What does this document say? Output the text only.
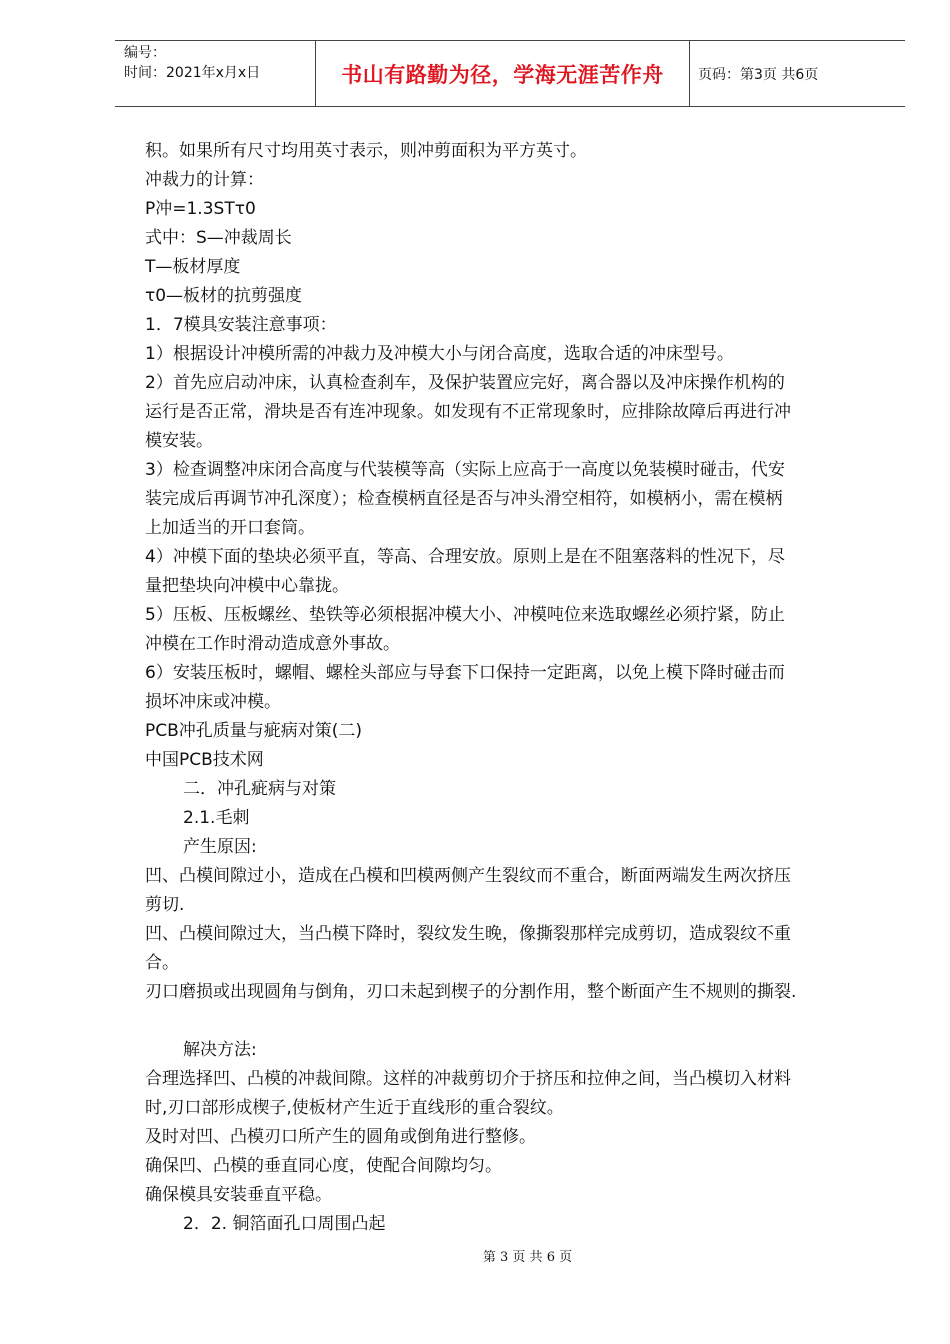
编号：
时间：2021年x月x日	书山有路勤为径，学海无涯苦作舟	页码：第3页 共6页
积。如果所有尺寸均用英寸表示，则冲剪面积为平方英寸。
冲裁力的计算：
P冲=1.3STτ0
式中：S—冲裁周长
T—板材厚度
τ0—板材的抗剪强度
1．7模具安装注意事项：
1）根据设计冲模所需的冲裁力及冲模大小与闭合高度，选取合适的冲床型号。
2）首先应启动冲床，认真检查刹车，及保护装置应完好，离合器以及冲床操作机构的
运行是否正常，滑块是否有连冲现象。如发现有不正常现象时，应排除故障后再进行冲
模安装。
3）检查调整冲床闭合高度与代装模等高（实际上应高于一高度以免装模时碰击，代安
装完成后再调节冲孔深度）；检查模柄直径是否与冲头滑空相符，如模柄小，需在模柄
上加适当的开口套筒。
4）冲模下面的垫块必须平直，等高、合理安放。原则上是在不阻塞落料的性况下，尽
量把垫块向冲模中心靠拢。
5）压板、压板螺丝、垫铁等必须根据冲模大小、冲模吨位来选取螺丝必须拧紧，防止
冲模在工作时滑动造成意外事故。
6）安装压板时，螺帽、螺栓头部应与导套下口保持一定距离，以免上模下降时碰击而
损坏冲床或冲模。
PCB冲孔质量与疵病对策(二)
中国PCB技术网
二．冲孔疵病与对策
2.1.毛刺
产生原因:
凹、凸模间隙过小，造成在凸模和凹模两侧产生裂纹而不重合，断面两端发生两次挤压
剪切.
凹、凸模间隙过大，当凸模下降时，裂纹发生晚，像撕裂那样完成剪切，造成裂纹不重
合。
刃口磨损或出现圆角与倒角，刃口未起到楔子的分割作用，整个断面产生不规则的撕裂.
解决方法:
合理选择凹、凸模的冲裁间隙。这样的冲裁剪切介于挤压和拉伸之间，当凸模切入材料
时,刃口部形成楔子,使板材产生近于直线形的重合裂纹。
及时对凹、凸模刃口所产生的圆角或倒角进行整修。
确保凹、凸模的垂直同心度，使配合间隙均匀。
确保模具安装垂直平稳。
2．2. 铜箔面孔口周围凸起
第 3 页 共 6 页
